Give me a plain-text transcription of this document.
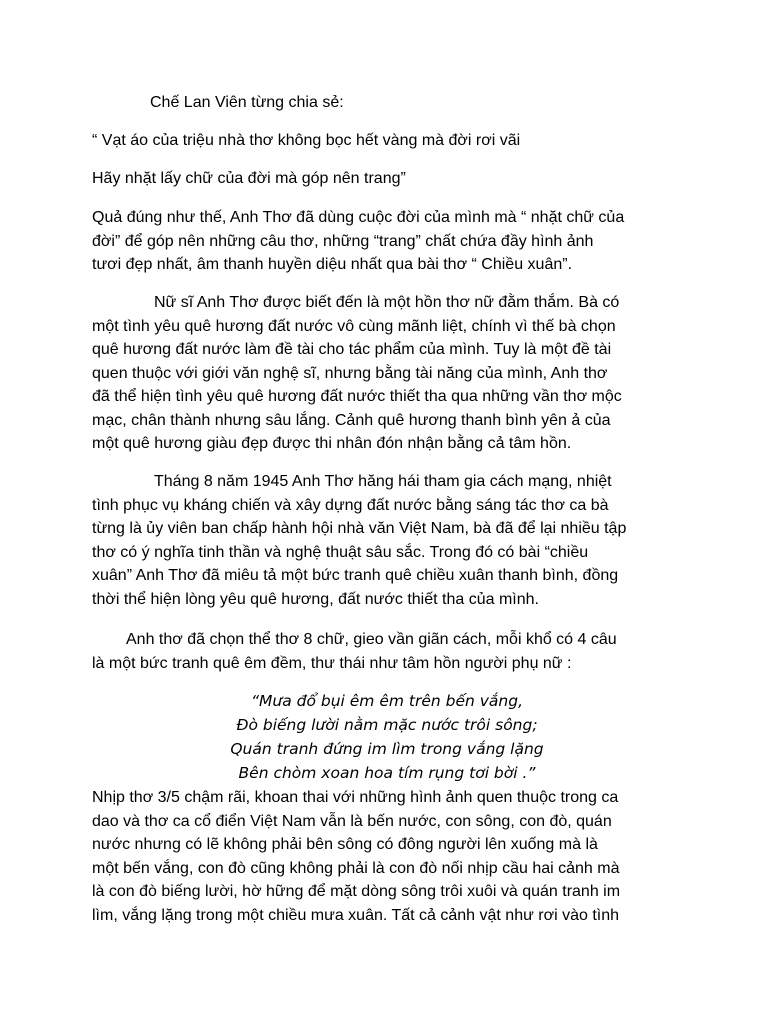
Chế Lan Viên từng chia sẻ:

“ Vạt áo của triệu nhà thơ không bọc hết vàng mà đời rơi vãi

Hãy nhặt lấy chữ của đời mà góp nên trang”

Quả đúng như thế, Anh Thơ đã dùng cuộc đời của mình mà “ nhặt chữ của
đời” để góp nên những câu thơ, những “trang” chất chứa đầy hình ảnh
tươi đẹp nhất, âm thanh huyền diệu nhất qua bài thơ “ Chiều xuân”.
Nữ sĩ Anh Thơ được biết đến là một hồn thơ nữ đằm thắm. Bà có
một tình yêu quê hương đất nước vô cùng mãnh liệt, chính vì thế bà chọn
quê hương đất nước làm đề tài cho tác phẩm của mình. Tuy là một đề tài
quen thuộc với giới văn nghệ sĩ, nhưng bằng tài năng của mình, Anh thơ
đã thể hiện tình yêu quê hương đất nước thiết tha qua những vần thơ mộc
mạc, chân thành nhưng sâu lắng. Cảnh quê hương thanh bình yên ả của
một quê hương giàu đẹp được thi nhân đón nhận bằng cả tâm hồn.
Tháng 8 năm 1945 Anh Thơ hăng hái tham gia cách mạng, nhiệt
tình phục vụ kháng chiến và xây dựng đất nước bằng sáng tác thơ ca bà
từng là ủy viên ban chấp hành hội nhà văn Việt Nam, bà đã để lại nhiều tập
thơ có ý nghĩa tinh thần và nghệ thuật sâu sắc. Trong đó có bài “chiều
xuân” Anh Thơ đã miêu tả một bức tranh quê chiều xuân thanh bình, đồng
thời thể hiện lòng yêu quê hương, đất nước thiết tha của mình.
Anh thơ đã chọn thể thơ 8 chữ, gieo vần giãn cách, mỗi khổ có 4 câu
là một bức tranh quê êm đềm, thư thái như tâm hồn người phụ nữ :
“Mưa đổ bụi êm êm trên bến vắng,
Đò biếng lười nằm mặc nước trôi sông;
Quán tranh đứng im lìm trong vắng lặng
Bên chòm xoan hoa tím rụng tơi bời .”
Nhịp thơ 3/5 chậm rãi, khoan thai với những hình ảnh quen thuộc trong ca
dao và thơ ca cổ điển Việt Nam vẫn là bến nước, con sông, con đò, quán
nước nhưng có lẽ không phải bên sông có đông người lên xuống mà là
một bến vắng, con đò cũng không phải là con đò nối nhịp cầu hai cảnh mà
là con đò biếng lười, hờ hững để mặt dòng sông trôi xuôi và quán tranh im
lìm, vắng lặng trong một chiều mưa xuân. Tất cả cảnh vật như rơi vào tình
